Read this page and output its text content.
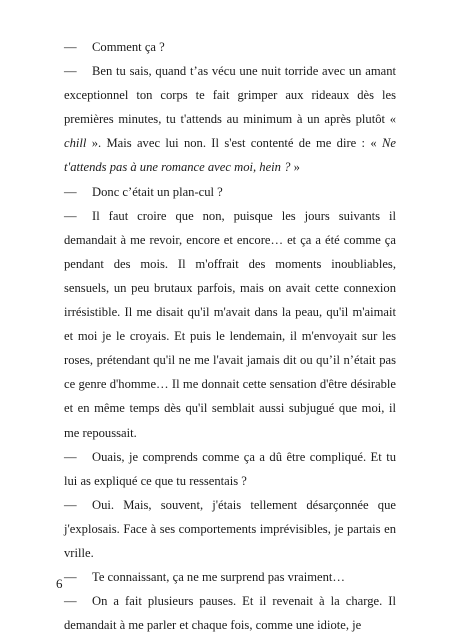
— Comment ça ?

— Ben tu sais, quand t’as vécu une nuit torride avec un amant exceptionnel ton corps te fait grimper aux rideaux dès les premières minutes, tu t'attends au minimum à un après plutôt « chill ». Mais avec lui non. Il s'est contenté de me dire : « Ne t'attends pas à une romance avec moi, hein ? »

— Donc c’était un plan-cul ?

— Il faut croire que non, puisque les jours suivants il demandait à me revoir, encore et encore… et ça a été comme ça pendant des mois. Il m'offrait des moments inoubliables, sensuels, un peu brutaux parfois, mais on avait cette connexion irrésistible. Il me disait qu'il m'avait dans la peau, qu'il m'aimait et moi je le croyais. Et puis le lendemain, il m'envoyait sur les roses, prétendant qu'il ne me l'avait jamais dit ou qu’il n’était pas ce genre d'homme… Il me donnait cette sensation d'être désirable et en même temps dès qu'il semblait aussi subjugué que moi, il me repoussait.

— Ouais, je comprends comme ça a dû être compliqué. Et tu lui as expliqué ce que tu ressentais ?

— Oui. Mais, souvent, j'étais tellement désarçonnée que j'explosais. Face à ses comportements imprévisibles, je partais en vrille.

— Te connaissant, ça ne me surprend pas vraiment…

— On a fait plusieurs pauses. Et il revenait à la charge. Il demandait à me parler et chaque fois, comme une idiote, je

6
